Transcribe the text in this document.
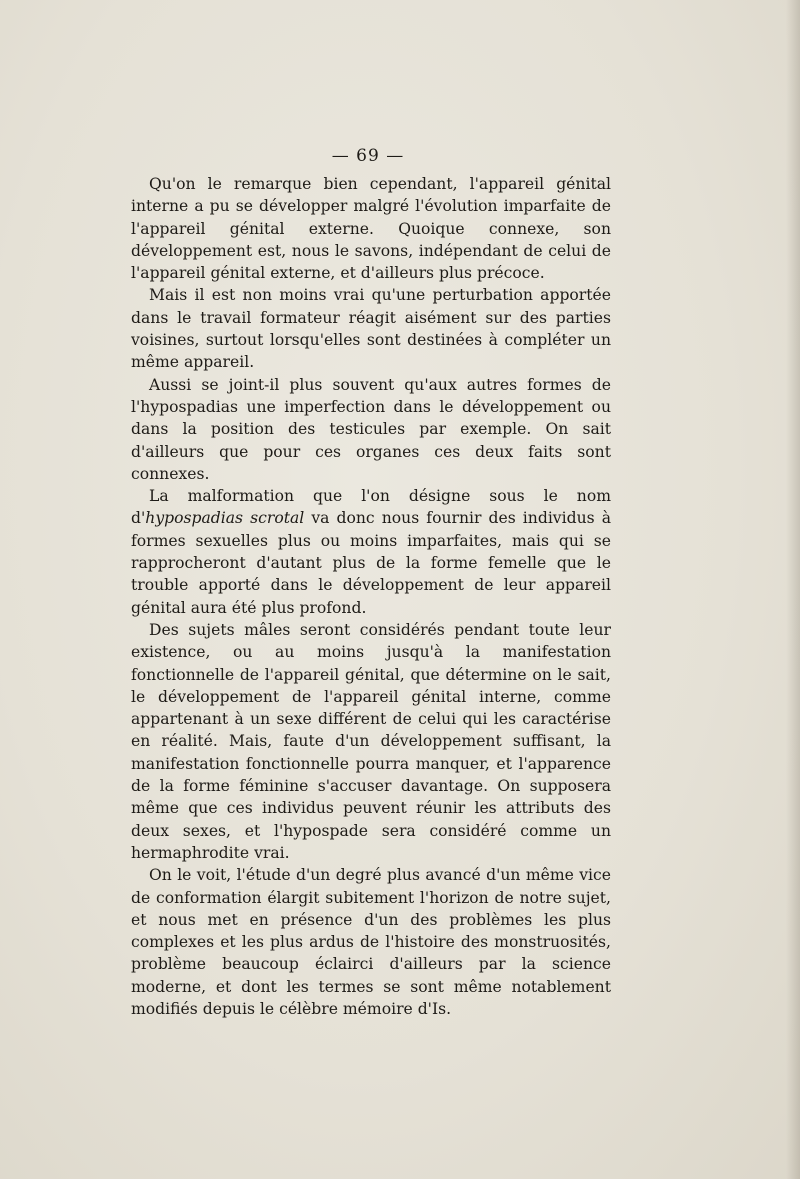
— 69 —

Qu'on le remarque bien cependant, l'appareil génital interne a pu se développer malgré l'évolution imparfaite de l'appareil génital externe. Quoique connexe, son développement est, nous le savons, indépendant de celui de l'appareil génital externe, et d'ailleurs plus précoce.

Mais il est non moins vrai qu'une perturbation apportée dans le travail formateur réagit aisément sur des parties voisines, surtout lorsqu'elles sont destinées à compléter un même appareil.

Aussi se joint-il plus souvent qu'aux autres formes de l'hypospadias une imperfection dans le développement ou dans la position des testicules par exemple. On sait d'ailleurs que pour ces organes ces deux faits sont connexes.

La malformation que l'on désigne sous le nom d'hypospadias scrotal va donc nous fournir des individus à formes sexuelles plus ou moins imparfaites, mais qui se rapprocheront d'autant plus de la forme femelle que le trouble apporté dans le développement de leur appareil génital aura été plus profond.

Des sujets mâles seront considérés pendant toute leur existence, ou au moins jusqu'à la manifestation fonctionnelle de l'appareil génital, que détermine on le sait, le développement de l'appareil génital interne, comme appartenant à un sexe différent de celui qui les caractérise en réalité. Mais, faute d'un développement suffisant, la manifestation fonctionnelle pourra manquer, et l'apparence de la forme féminine s'accuser davantage. On supposera même que ces individus peuvent réunir les attributs des deux sexes, et l'hypospade sera considéré comme un hermaphrodite vrai.

On le voit, l'étude d'un degré plus avancé d'un même vice de conformation élargit subitement l'horizon de notre sujet, et nous met en présence d'un des problèmes les plus complexes et les plus ardus de l'histoire des monstruosités, problème beaucoup éclairci d'ailleurs par la science moderne, et dont les termes se sont même notablement modifiés depuis le célèbre mémoire d'Is.
